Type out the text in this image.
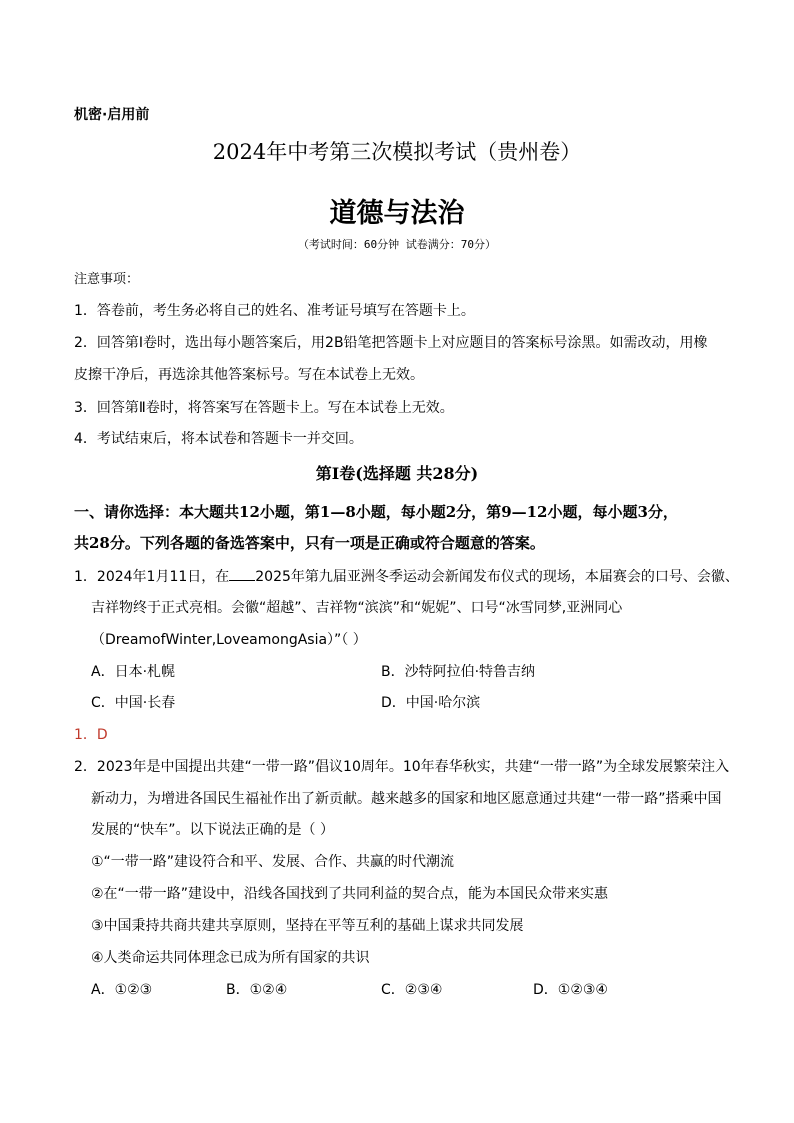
机密·启用前
2024年中考第三次模拟考试（贵州卷）
道德与法治
（考试时间：60分钟 试卷满分：70分）
注意事项：
1．答卷前，考生务必将自己的姓名、准考证号填写在答题卡上。
2．回答第Ⅰ卷时，选出每小题答案后，用2B铅笔把答题卡上对应题目的答案标号涂黑。如需改动，用橡
皮擦干净后，再选涂其他答案标号。写在本试卷上无效。
3．回答第Ⅱ卷时，将答案写在答题卡上。写在本试卷上无效。
4．考试结束后，将本试卷和答题卡一并交回。
第Ⅰ卷(选择题 共28分)
一、请你选择：本大题共12小题，第1—8小题，每小题2分，第9—12小题，每小题3分，
共28分。下列各题的备选答案中，只有一项是正确或符合题意的答案。
1．2024年1月11日，在 2025年第九届亚洲冬季运动会新闻发布仪式的现场，本届赛会的口号、会徽、
吉祥物终于正式亮相。会徽“超越”、吉祥物“滨滨”和“妮妮”、口号“冰雪同梦,亚洲同心
（DreamofWinter,LoveamongAsia）”（ ）
A．日本·札幌	B．沙特阿拉伯·特鲁吉纳
C．中国·长春	D．中国·哈尔滨
1．D
2．2023年是中国提出共建“一带一路”倡议10周年。10年春华秋实，共建“一带一路”为全球发展繁荣注入
新动力，为增进各国民生福祉作出了新贡献。越来越多的国家和地区愿意通过共建“一带一路”搭乘中国
发展的“快车”。以下说法正确的是（ ）
①“一带一路”建设符合和平、发展、合作、共赢的时代潮流
②在“一带一路”建设中，沿线各国找到了共同利益的契合点，能为本国民众带来实惠
③中国秉持共商共建共享原则，坚持在平等互利的基础上谋求共同发展
④人类命运共同体理念已成为所有国家的共识
A．①②③	B．①②④	C．②③④	D．①②③④
